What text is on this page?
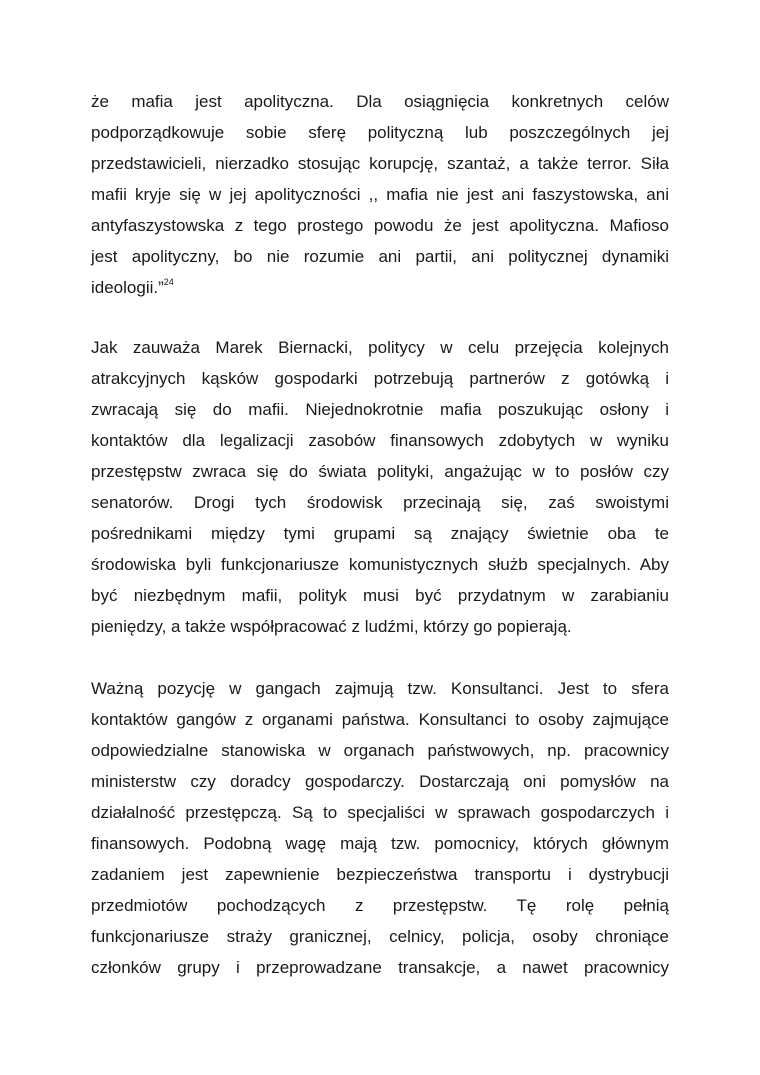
że mafia jest apolityczna. Dla osiągnięcia konkretnych celów
podporządkowuje sobie sferę polityczną lub poszczególnych jej
przedstawicieli, nierzadko stosując korupcję, szantaż, a także terror. Siła
mafii kryje się w jej apolityczności ,, mafia nie jest ani faszystowska, ani
antyfaszystowska z tego prostego powodu że jest apolityczna. Mafioso
jest apolityczny, bo nie rozumie ani partii, ani politycznej dynamiki
ideologii.”$^{24}$
Jak zauważa Marek Biernacki, politycy w celu przejęcia kolejnych
atrakcyjnych kąsków gospodarki potrzebują partnerów z gotówką i
zwracają się do mafii. Niejednokrotnie mafia poszukując osłony i
kontaktów dla legalizacji zasobów finansowych zdobytych w wyniku
przestępstw zwraca się do świata polityki, angażując w to posłów czy
senatorów. Drogi tych środowisk przecinają się, zaś swoistymi
pośrednikami między tymi grupami są znający świetnie oba te
środowiska byli funkcjonariusze komunistycznych służb specjalnych. Aby
być niezbędnym mafii, polityk musi być przydatnym w zarabianiu
pieniędzy, a także współpracować z ludźmi, którzy go popierają.
Ważną pozycję w gangach zajmują tzw. Konsultanci. Jest to sfera
kontaktów gangów z organami państwa. Konsultanci to osoby zajmujące
odpowiedzialne stanowiska w organach państwowych, np. pracownicy
ministerstw czy doradcy gospodarczy. Dostarczają oni pomysłów na
działalność przestępczą. Są to specjaliści w sprawach gospodarczych i
finansowych. Podobną wagę mają tzw. pomocnicy, których głównym
zadaniem jest zapewnienie bezpieczeństwa transportu i dystrybucji
przedmiotów pochodzących z przestępstw. Tę rolę pełnią
funkcjonariusze straży granicznej, celnicy, policja, osoby chroniące
członków grupy i przeprowadzane transakcje, a nawet pracownicy
